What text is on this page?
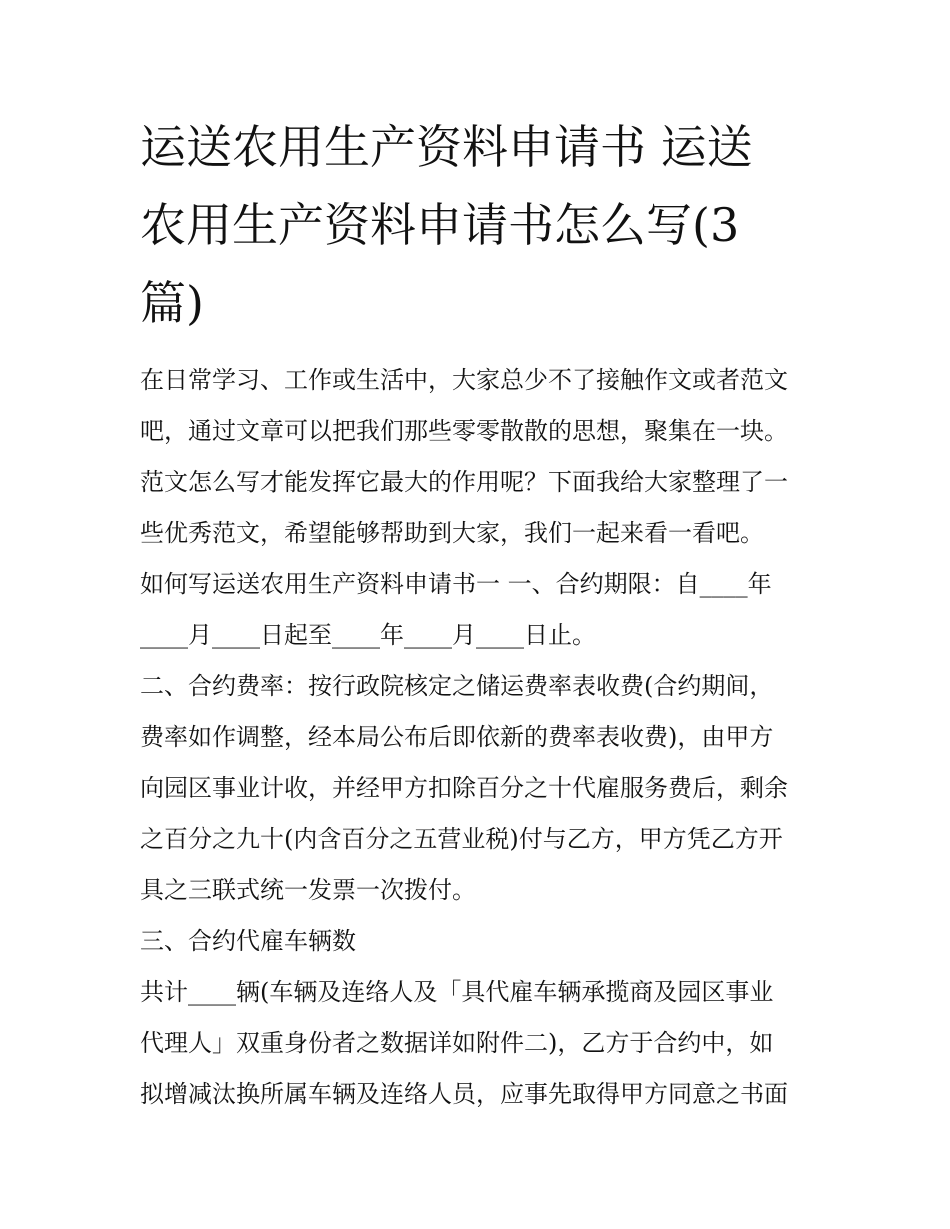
运送农用生产资料申请书 运送
农用生产资料申请书怎么写(3
篇)
在日常学习、工作或生活中，大家总少不了接触作文或者范文
吧，通过文章可以把我们那些零零散散的思想，聚集在一块。
范文怎么写才能发挥它最大的作用呢？下面我给大家整理了一
些优秀范文，希望能够帮助到大家，我们一起来看一看吧。
如何写运送农用生产资料申请书一 一、合约期限：自____年
____月____日起至____年____月____日止。
二、合约费率：按行政院核定之储运费率表收费(合约期间，
费率如作调整，经本局公布后即依新的费率表收费)，由甲方
向园区事业计收，并经甲方扣除百分之十代雇服务费后，剩余
之百分之九十(内含百分之五营业税)付与乙方，甲方凭乙方开
具之三联式统一发票一次拨付。
三、合约代雇车辆数
共计____辆(车辆及连络人及「具代雇车辆承揽商及园区事业
代理人」双重身份者之数据详如附件二)，乙方于合约中，如
拟增减汰换所属车辆及连络人员，应事先取得甲方同意之书面
